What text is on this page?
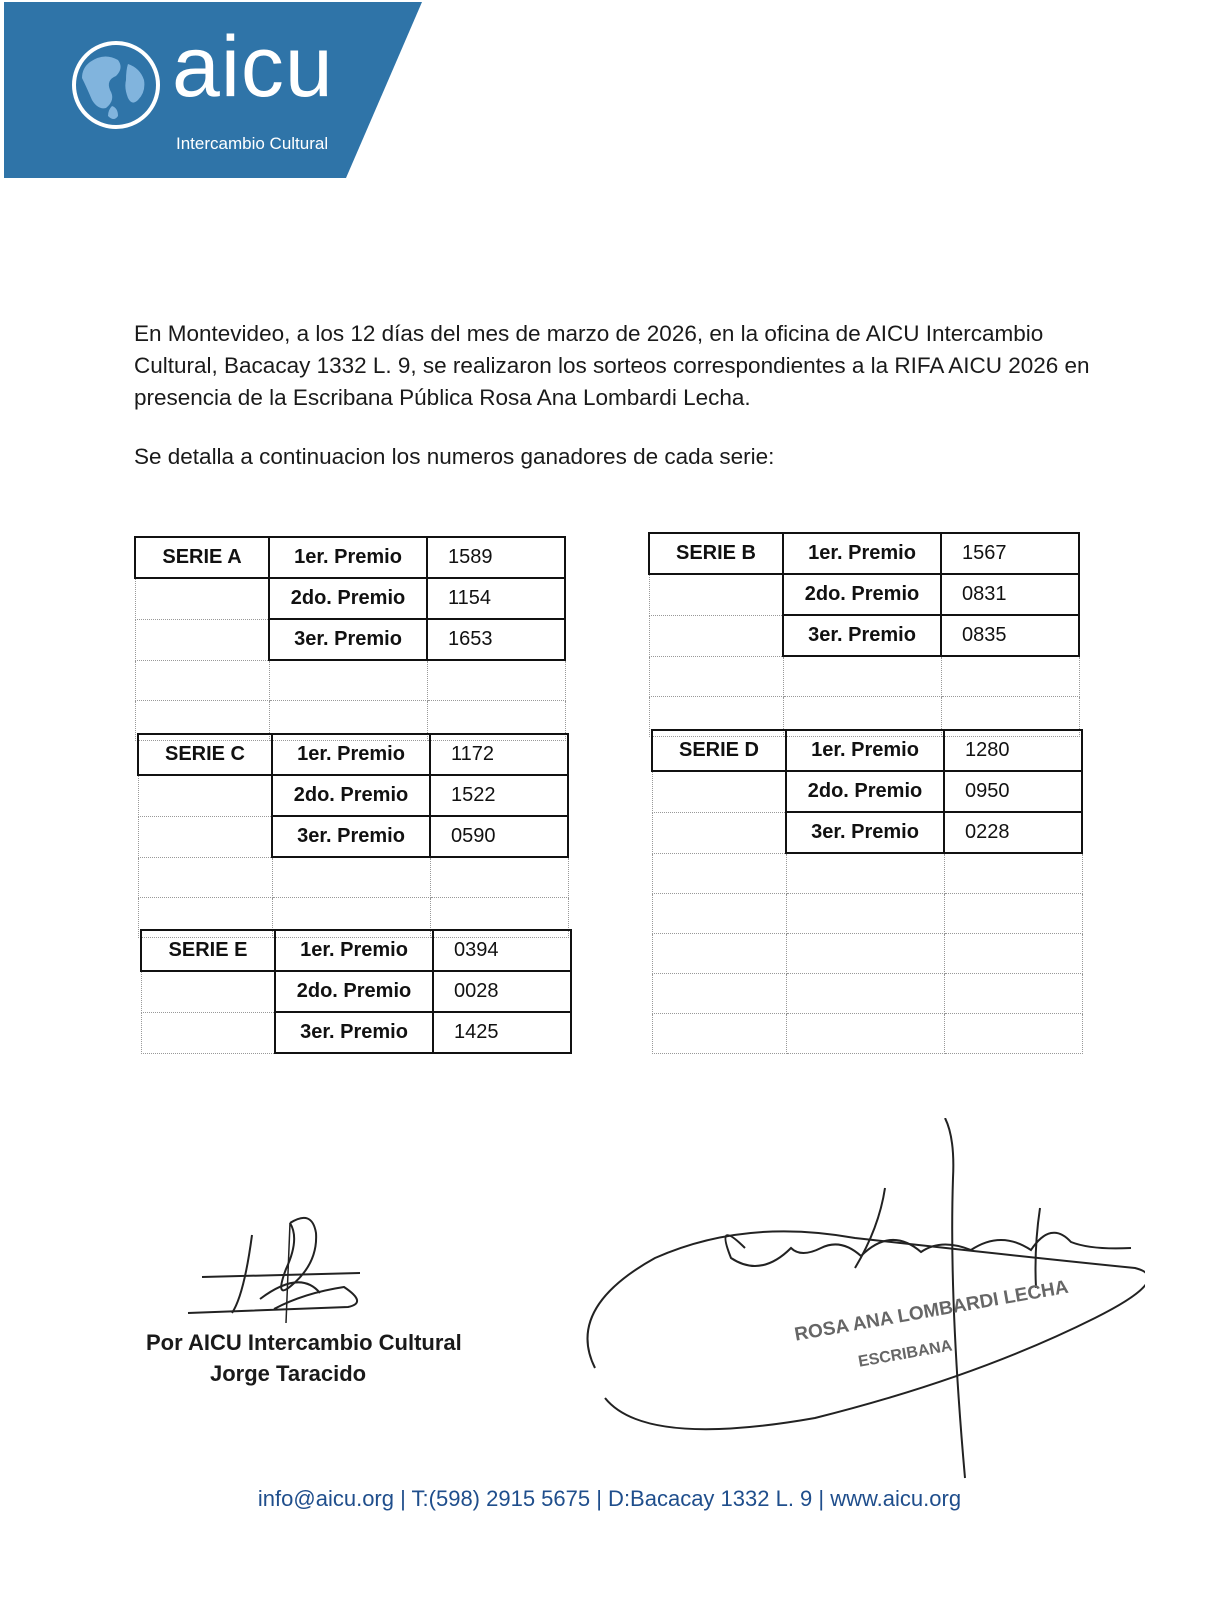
aicu
Intercambio Cultural
En Montevideo, a los 12 días del mes de marzo de 2026, en la oficina de AICU Intercambio Cultural, Bacacay 1332 L. 9, se realizaron los sorteos correspondientes a la RIFA AICU 2026 en presencia de la Escribana Pública Rosa Ana Lombardi Lecha.
Se detalla a continuacion los numeros ganadores de cada serie:
SERIE A	1er. Premio	1589
	2do. Premio	1154
	3er. Premio	1653

SERIE B	1er. Premio	1567
	2do. Premio	0831
	3er. Premio	0835

SERIE C	1er. Premio	1172
	2do. Premio	1522
	3er. Premio	0590

SERIE D	1er. Premio	1280
	2do. Premio	0950
	3er. Premio	0228

SERIE E	1er. Premio	0394
	2do. Premio	0028
	3er. Premio	1425
Por AICU Intercambio Cultural
Jorge Taracido
ROSA ANA LOMBARDI LECHA
ESCRIBANA
info@aicu.org | T:(598) 2915 5675 | D:Bacacay 1332 L. 9 | www.aicu.org
